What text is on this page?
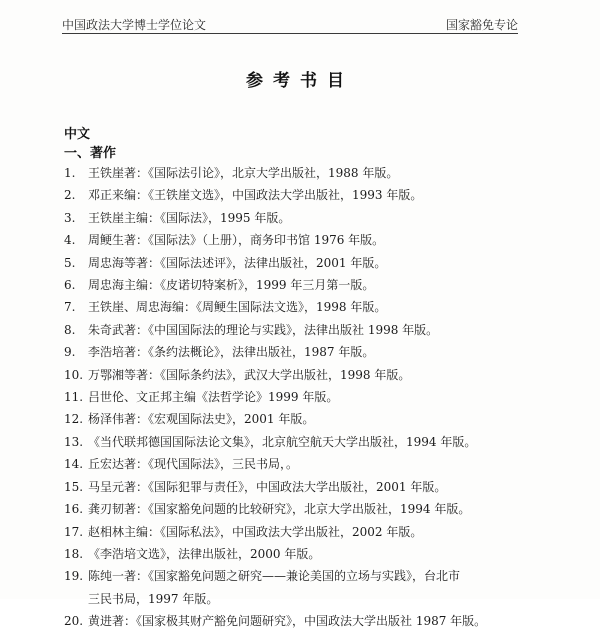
中国政法大学博士学位论文	国家豁免专论
参考书目
中文
一、著作
1. 王铁崖著：《国际法引论》，北京大学出版社，1988 年版。
2. 邓正来编：《王铁崖文选》，中国政法大学出版社，1993 年版。
3. 王铁崖主编：《国际法》，1995 年版。
4. 周鲠生著：《国际法》（上册），商务印书馆 1976 年版。
5. 周忠海等著：《国际法述评》，法律出版社，2001 年版。
6. 周忠海主编：《皮诺切特案析》，1999 年三月第一版。
7. 王铁崖、周忠海编：《周鲠生国际法文选》，1998 年版。
8. 朱奇武著：《中国国际法的理论与实践》，法律出版社 1998 年版。
9. 李浩培著：《条约法概论》，法律出版社，1987 年版。
10. 万鄂湘等著：《国际条约法》，武汉大学出版社，1998 年版。
11. 吕世伦、文正邦主编《法哲学论》1999 年版。
12. 杨泽伟著：《宏观国际法史》，2001 年版。
13. 《当代联邦德国国际法论文集》，北京航空航天大学出版社，1994 年版。
14. 丘宏达著：《现代国际法》，三民书局，。
15. 马呈元著：《国际犯罪与责任》，中国政法大学出版社，2001 年版。
16. 龚刃韧著：《国家豁免问题的比较研究》，北京大学出版社，1994 年版。
17. 赵相林主编：《国际私法》，中国政法大学出版社，2002 年版。
18. 《李浩培文选》，法律出版社，2000 年版。
19. 陈纯一著：《国家豁免问题之研究——兼论美国的立场与实践》，台北市
三民书局，1997 年版。
20. 黄进著：《国家极其财产豁免问题研究》，中国政法大学出版社 1987 年版。
